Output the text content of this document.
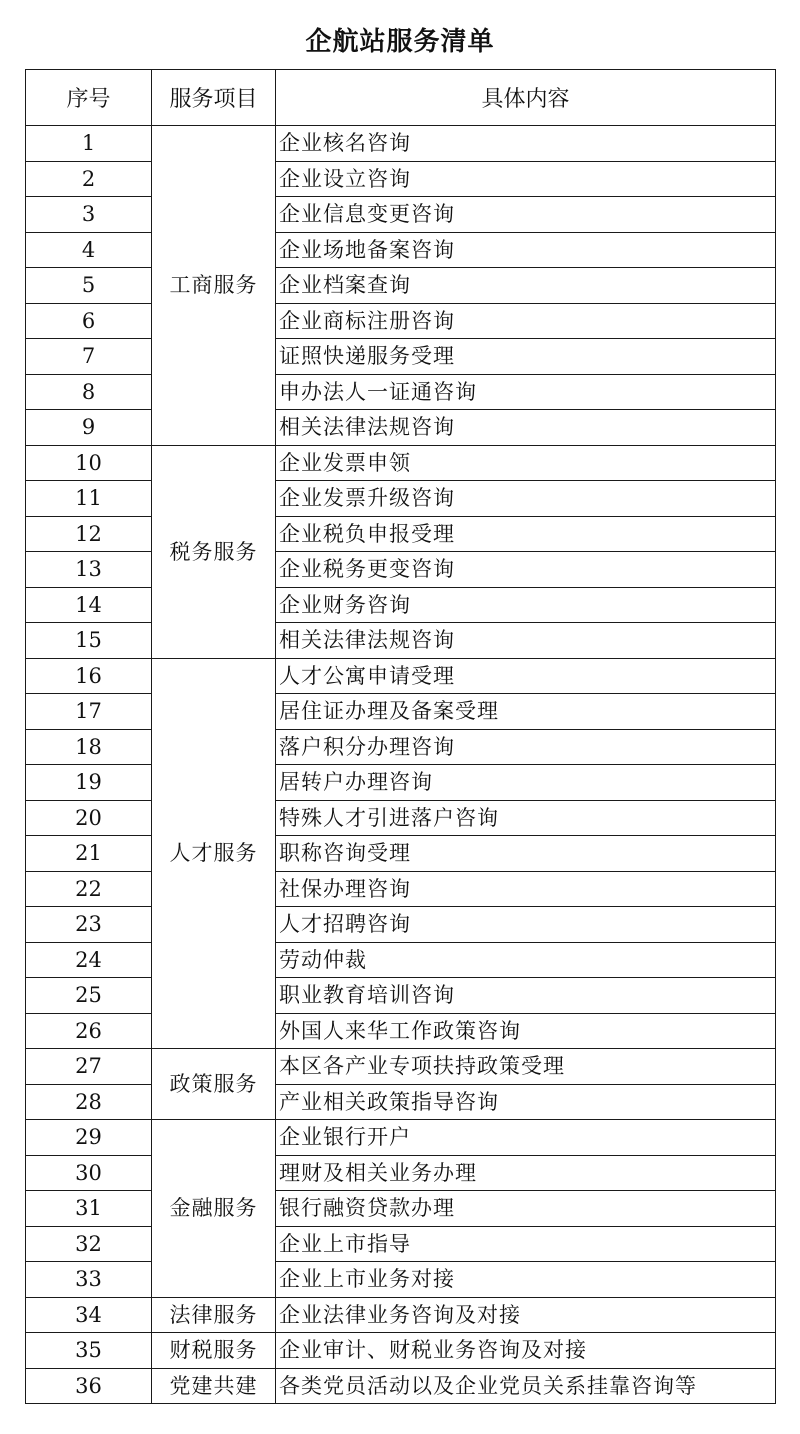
企航站服务清单
序号	服务项目	具体内容
1	工商服务	企业核名咨询
2		企业设立咨询
3		企业信息变更咨询
4		企业场地备案咨询
5		企业档案查询
6		企业商标注册咨询
7		证照快递服务受理
8		申办法人一证通咨询
9		相关法律法规咨询
10	税务服务	企业发票申领
11		企业发票升级咨询
12		企业税负申报受理
13		企业税务更变咨询
14		企业财务咨询
15		相关法律法规咨询
16	人才服务	人才公寓申请受理
17		居住证办理及备案受理
18		落户积分办理咨询
19		居转户办理咨询
20		特殊人才引进落户咨询
21		职称咨询受理
22		社保办理咨询
23		人才招聘咨询
24		劳动仲裁
25		职业教育培训咨询
26		外国人来华工作政策咨询
27	政策服务	本区各产业专项扶持政策受理
28		产业相关政策指导咨询
29	金融服务	企业银行开户
30		理财及相关业务办理
31		银行融资贷款办理
32		企业上市指导
33		企业上市业务对接
34	法律服务	企业法律业务咨询及对接
35	财税服务	企业审计、财税业务咨询及对接
36	党建共建	各类党员活动以及企业党员关系挂靠咨询等
